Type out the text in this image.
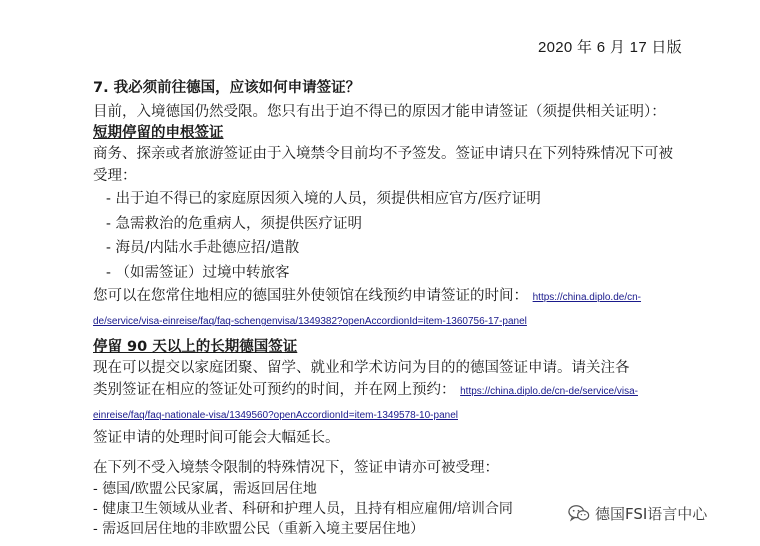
2020 年 6 月 17 日版
7. 我必须前往德国，应该如何申请签证？

目前，入境德国仍然受限。您只有出于迫不得已的原因才能申请签证（须提供相关证明）：

短期停留的申根签证

商务、探亲或者旅游签证由于入境禁令目前均不予签发。签证申请只在下列特殊情况下可被受理：

- 出于迫不得已的家庭原因须入境的人员，须提供相应官方/医疗证明
- 急需救治的危重病人，须提供医疗证明
- 海员/内陆水手赴德应招/遣散
- （如需签证）过境中转旅客

您可以在您常住地相应的德国驻外使领馆在线预约申请签证的时间： https://china.diplo.de/cn-
de/service/visa-einreise/faq/faq-schengenvisa/1349382?openAccordionId=item-1360756-17-panel

停留 90 天以上的长期德国签证

现在可以提交以家庭团聚、留学、就业和学术访问为目的的德国签证申请。请关注各
类别签证在相应的签证处可预约的时间，并在网上预约： https://china.diplo.de/cn-de/service/visa-
einreise/faq/faq-nationale-visa/1349560?openAccordionId=item-1349578-10-panel

签证申请的处理时间可能会大幅延长。

在下列不受入境禁令限制的特殊情况下，签证申请亦可被受理：

- 德国/欧盟公民家属，需返回居住地
- 健康卫生领域从业者、科研和护理人员，且持有相应雇佣/培训合同
- 需返回居住地的非欧盟公民（重新入境主要居住地）
德国FSI语言中心
